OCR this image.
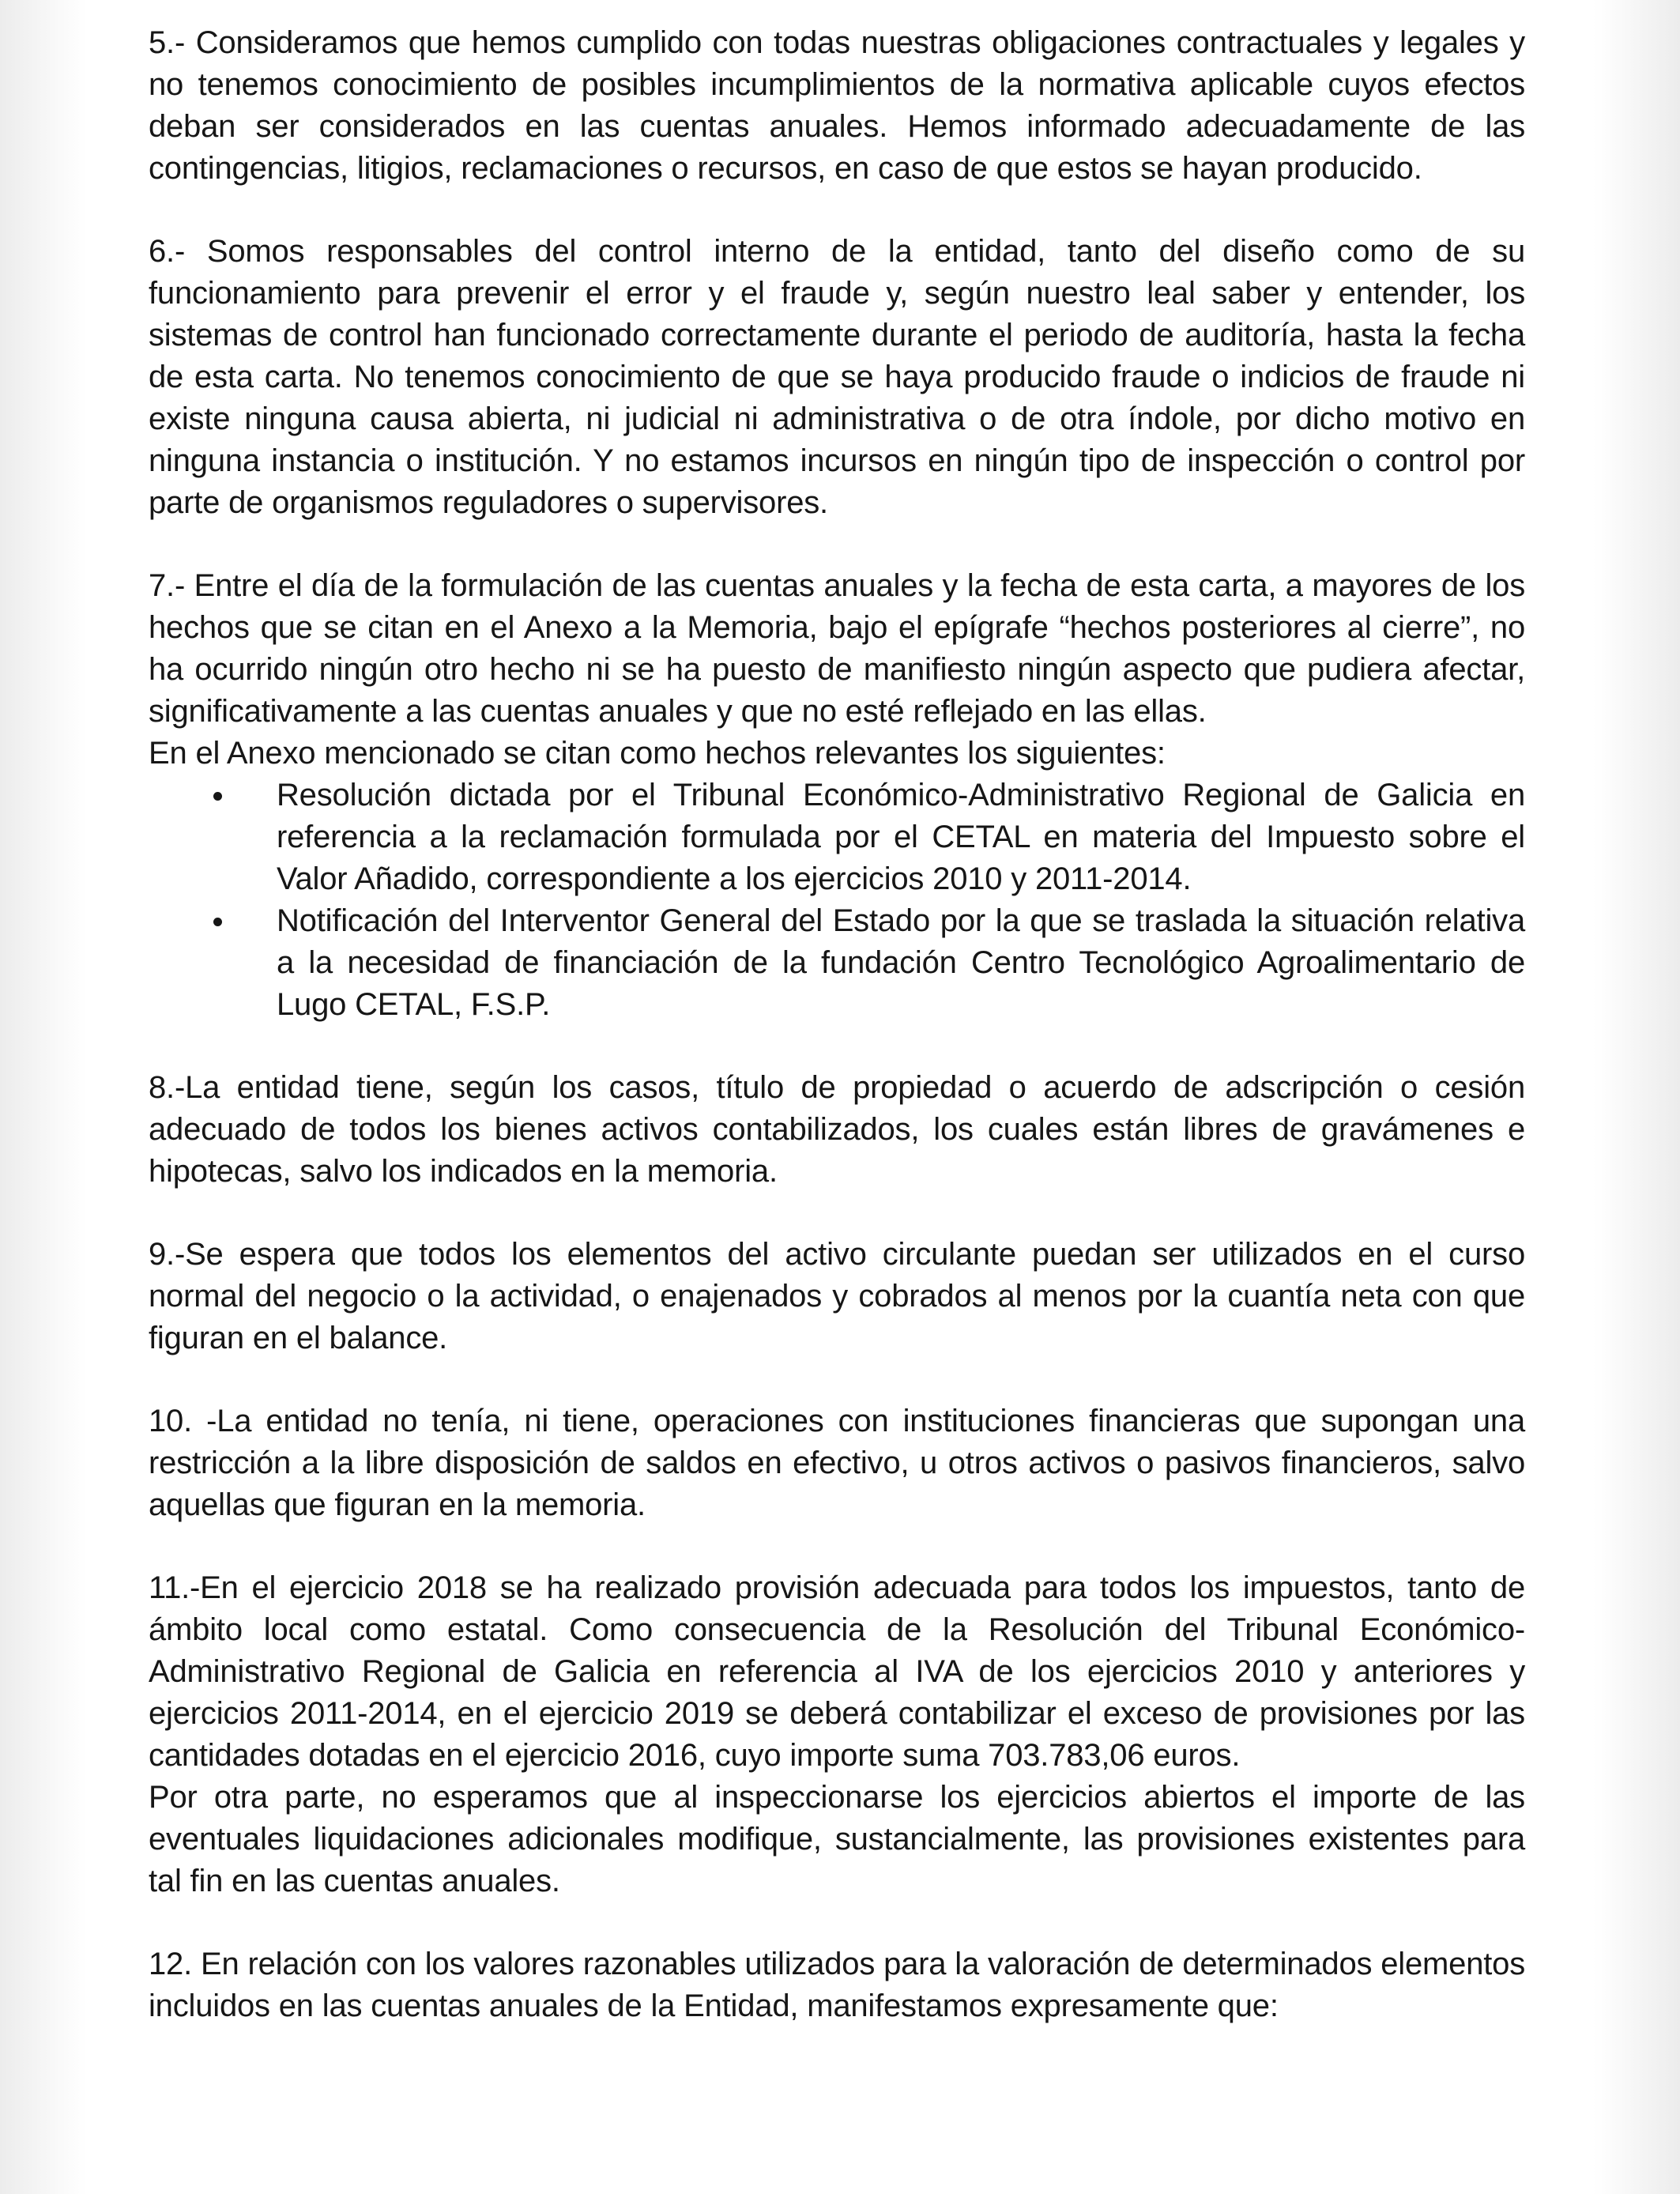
5.- Consideramos que hemos cumplido con todas nuestras obligaciones contractuales y legales y no tenemos conocimiento de posibles incumplimientos de la normativa aplicable cuyos efectos deban ser considerados en las cuentas anuales. Hemos informado adecuadamente de las contingencias, litigios, reclamaciones o recursos, en caso de que estos se hayan producido.

6.- Somos responsables del control interno de la entidad, tanto del diseño como de su funcionamiento para prevenir el error y el fraude y, según nuestro leal saber y entender, los sistemas de control han funcionado correctamente durante el periodo de auditoría, hasta la fecha de esta carta. No tenemos conocimiento de que se haya producido fraude o indicios de fraude ni existe ninguna causa abierta, ni judicial ni administrativa o de otra índole, por dicho motivo en ninguna instancia o institución. Y no estamos incursos en ningún tipo de inspección o control por parte de organismos reguladores o supervisores.

7.- Entre el día de la formulación de las cuentas anuales y la fecha de esta carta, a mayores de los hechos que se citan en el Anexo a la Memoria, bajo el epígrafe “hechos posteriores al cierre”, no ha ocurrido ningún otro hecho ni se ha puesto de manifiesto ningún aspecto que pudiera afectar, significativamente a las cuentas anuales y que no esté reflejado en las ellas.

En el Anexo mencionado se citan como hechos relevantes los siguientes:

Resolución dictada por el Tribunal Económico-Administrativo Regional de Galicia en referencia a la reclamación formulada por el CETAL en materia del Impuesto sobre el Valor Añadido, correspondiente a los ejercicios 2010 y 2011-2014.
Notificación del Interventor General del Estado por la que se traslada la situación relativa a la necesidad de financiación de la fundación Centro Tecnológico Agroalimentario de Lugo CETAL, F.S.P.

8.-La entidad tiene, según los casos, título de propiedad o acuerdo de adscripción o cesión adecuado de todos los bienes activos contabilizados, los cuales están libres de gravámenes e hipotecas, salvo los indicados en la memoria.

9.-Se espera que todos los elementos del activo circulante puedan ser utilizados en el curso normal del negocio o la actividad, o enajenados y cobrados al menos por la cuantía neta con que figuran en el balance.

10. -La entidad no tenía, ni tiene, operaciones con instituciones financieras que supongan una restricción a la libre disposición de saldos en efectivo, u otros activos o pasivos financieros, salvo aquellas que figuran en la memoria.

11.-En el ejercicio 2018 se ha realizado provisión adecuada para todos los impuestos, tanto de ámbito local como estatal. Como consecuencia de la Resolución del Tribunal Económico-Administrativo Regional de Galicia en referencia al IVA de los ejercicios 2010 y anteriores y ejercicios 2011-2014, en el ejercicio 2019 se deberá contabilizar el exceso de provisiones por las cantidades dotadas en el ejercicio 2016, cuyo importe suma 703.783,06 euros.

Por otra parte, no esperamos que al inspeccionarse los ejercicios abiertos el importe de las eventuales liquidaciones adicionales modifique, sustancialmente, las provisiones existentes para tal fin en las cuentas anuales.

12. En relación con los valores razonables utilizados para la valoración de determinados elementos incluidos en las cuentas anuales de la Entidad, manifestamos expresamente que:
